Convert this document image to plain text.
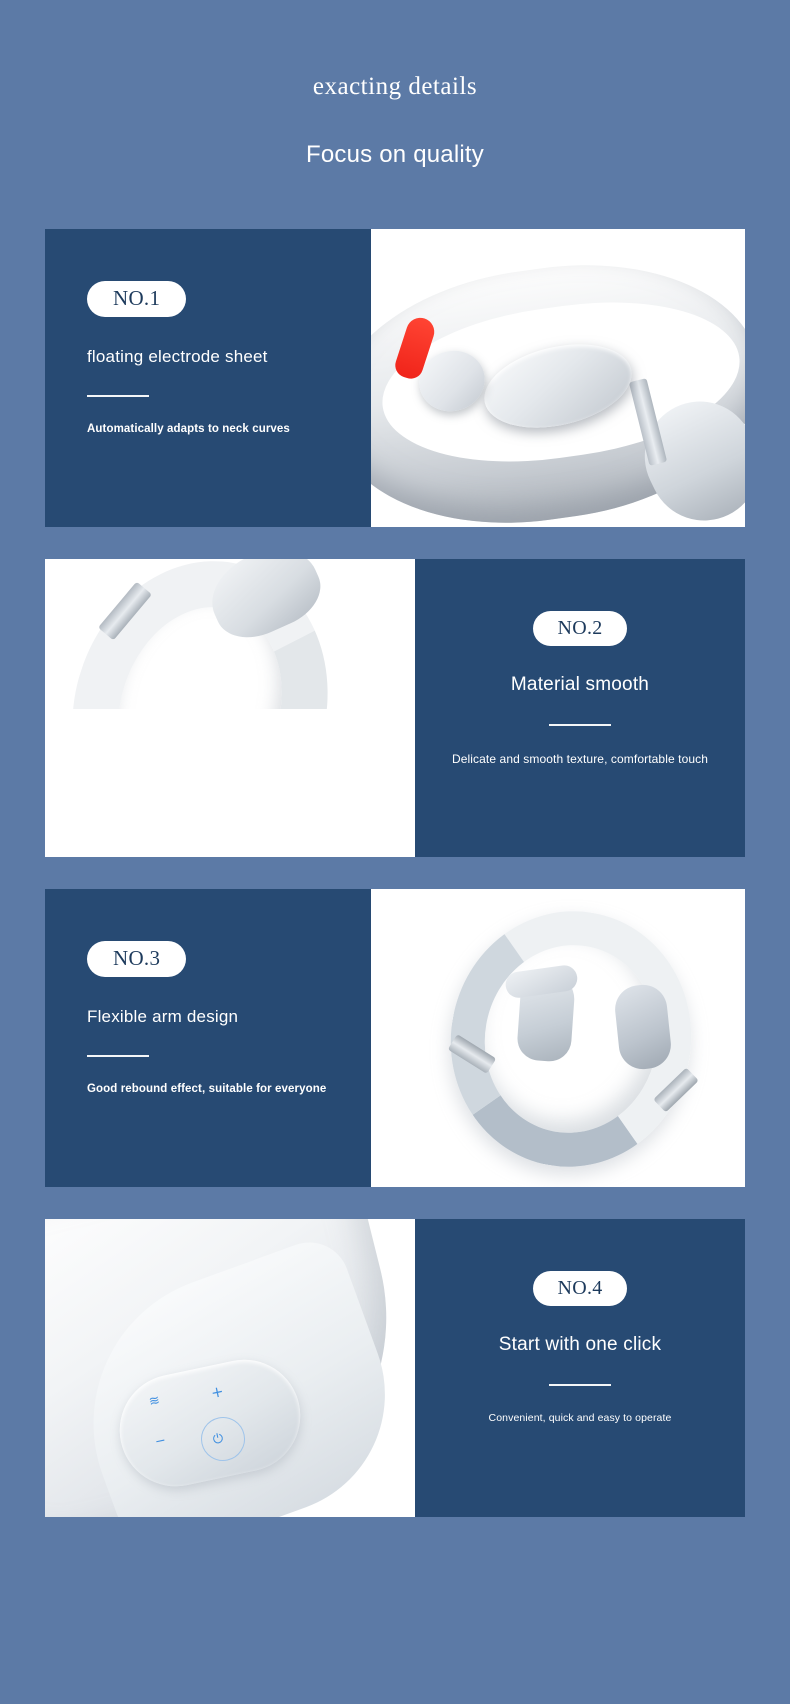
exacting details
Focus on quality
NO.1
floating electrode sheet
Automatically adapts to neck curves
NO.2
Material smooth
Delicate and smooth texture, comfortable touch
NO.3
Flexible arm design
Good rebound effect, suitable for everyone
≋	+
−	⏻
NO.4
Start with one click
Convenient, quick and easy to operate
